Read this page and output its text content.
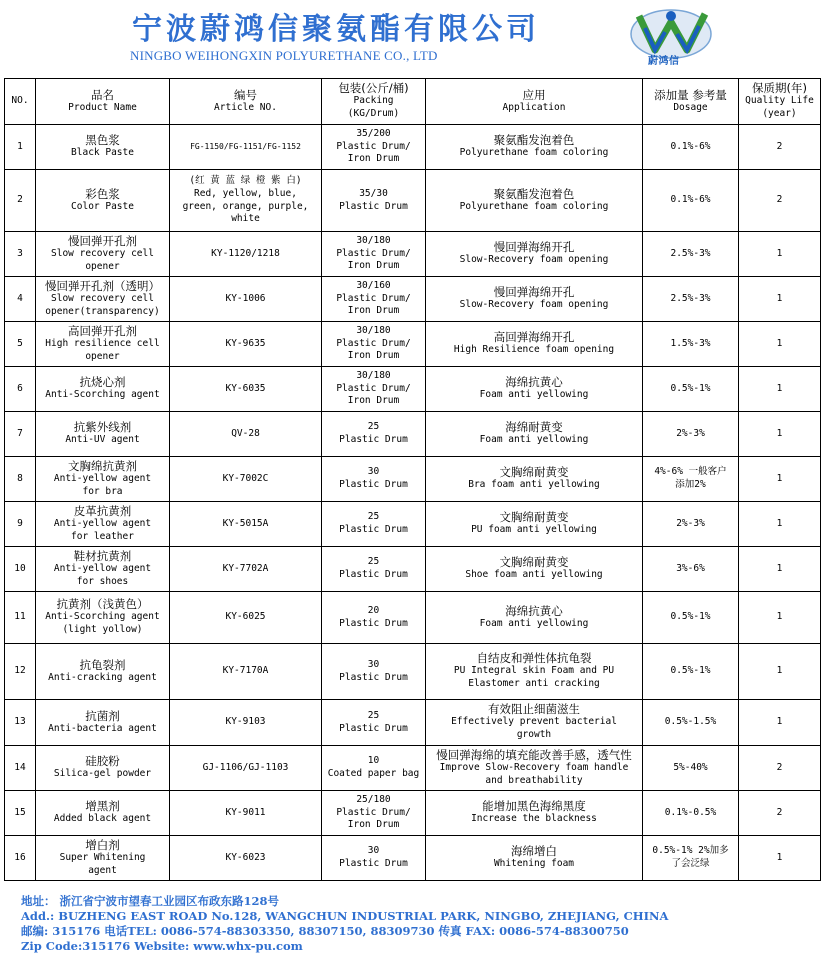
宁波蔚鸿信聚氨酯有限公司
NINGBO WEIHONGXIN POLYURETHANE CO., LTD	蔚鸿信
NO.	品名
Product Name	编号
Article NO.	包装(公斤/桶)
Packing
(KG/Drum)	应用
Application	添加量 参考量
Dosage	保质期(年)
Quality Life
(year)

1	黑色浆
Black Paste	FG-1150/FG-1151/FG-1152	35/200
Plastic Drum/
Iron Drum	聚氨酯发泡着色
Polyurethane foam coloring	0.1%-6%	2

2	彩色浆
Color Paste	(红 黄 蓝 绿 橙 紫 白)
Red, yellow, blue,
green, orange, purple,
white	35/30
Plastic Drum	聚氨酯发泡着色
Polyurethane foam coloring	0.1%-6%	2

3	慢回弹开孔剂
Slow recovery cell
opener	KY-1120/1218	30/180
Plastic Drum/
Iron Drum	慢回弹海绵开孔
Slow-Recovery foam opening	2.5%-3%	1

4	慢回弹开孔剂（透明）
Slow recovery cell
opener(transparency)	KY-1006	30/160
Plastic Drum/
Iron Drum	慢回弹海绵开孔
Slow-Recovery foam opening	2.5%-3%	1

5	高回弹开孔剂
High resilience cell
opener	KY-9635	30/180
Plastic Drum/
Iron Drum	高回弹海绵开孔
High Resilience foam opening	1.5%-3%	1

6	抗烧心剂
Anti-Scorching agent	KY-6035	30/180
Plastic Drum/
Iron Drum	海绵抗黄心
Foam anti yellowing	0.5%-1%	1

7	抗紫外线剂
Anti-UV agent	QV-28	25
Plastic Drum	海绵耐黄变
Foam anti yellowing	2%-3%	1

8	文胸绵抗黄剂
Anti-yellow agent
for bra	KY-7002C	30
Plastic Drum	文胸绵耐黄变
Bra foam anti yellowing	4%-6% 一般客户
添加2%	1

9	皮革抗黄剂
Anti-yellow agent
for leather	KY-5015A	25
Plastic Drum	文胸绵耐黄变
PU foam anti yellowing	2%-3%	1

10	鞋材抗黄剂
Anti-yellow agent
for shoes	KY-7702A	25
Plastic Drum	文胸绵耐黄变
Shoe foam anti yellowing	3%-6%	1

11	抗黄剂（浅黄色）
Anti-Scorching agent
(light yollow)	KY-6025	20
Plastic Drum	海绵抗黄心
Foam anti yellowing	0.5%-1%	1

12	抗龟裂剂
Anti-cracking agent	KY-7170A	30
Plastic Drum	自结皮和弹性体抗龟裂
PU Integral skin Foam and PU
Elastomer anti cracking	0.5%-1%	1

13	抗菌剂
Anti-bacteria agent	KY-9103	25
Plastic Drum	有效阻止细菌滋生
Effectively prevent bacterial
growth	0.5%-1.5%	1

14	硅胶粉
Silica-gel powder	GJ-1106/GJ-1103	10
Coated paper bag	慢回弹海绵的填充能改善手感，透气性
Improve Slow-Recovery foam handle
and breathability	5%-40%	2

15	增黑剂
Added black agent	KY-9011	25/180
Plastic Drum/
Iron Drum	能增加黑色海绵黑度
Increase the blackness	0.1%-0.5%	2

16	增白剂
Super Whitening
agent	KY-6023	30
Plastic Drum	海绵增白
Whitening foam	0.5%-1% 2%加多
了会泛绿	1
地址： 浙江省宁波市望春工业园区布政东路128号
Add.: BUZHENG EAST ROAD No.128, WANGCHUN INDUSTRIAL PARK, NINGBO, ZHEJIANG, CHINA
邮编: 315176 电话TEL: 0086-574-88303350, 88307150, 88309730 传真 FAX: 0086-574-88300750
Zip Code:315176 Website: www.whx-pu.com
